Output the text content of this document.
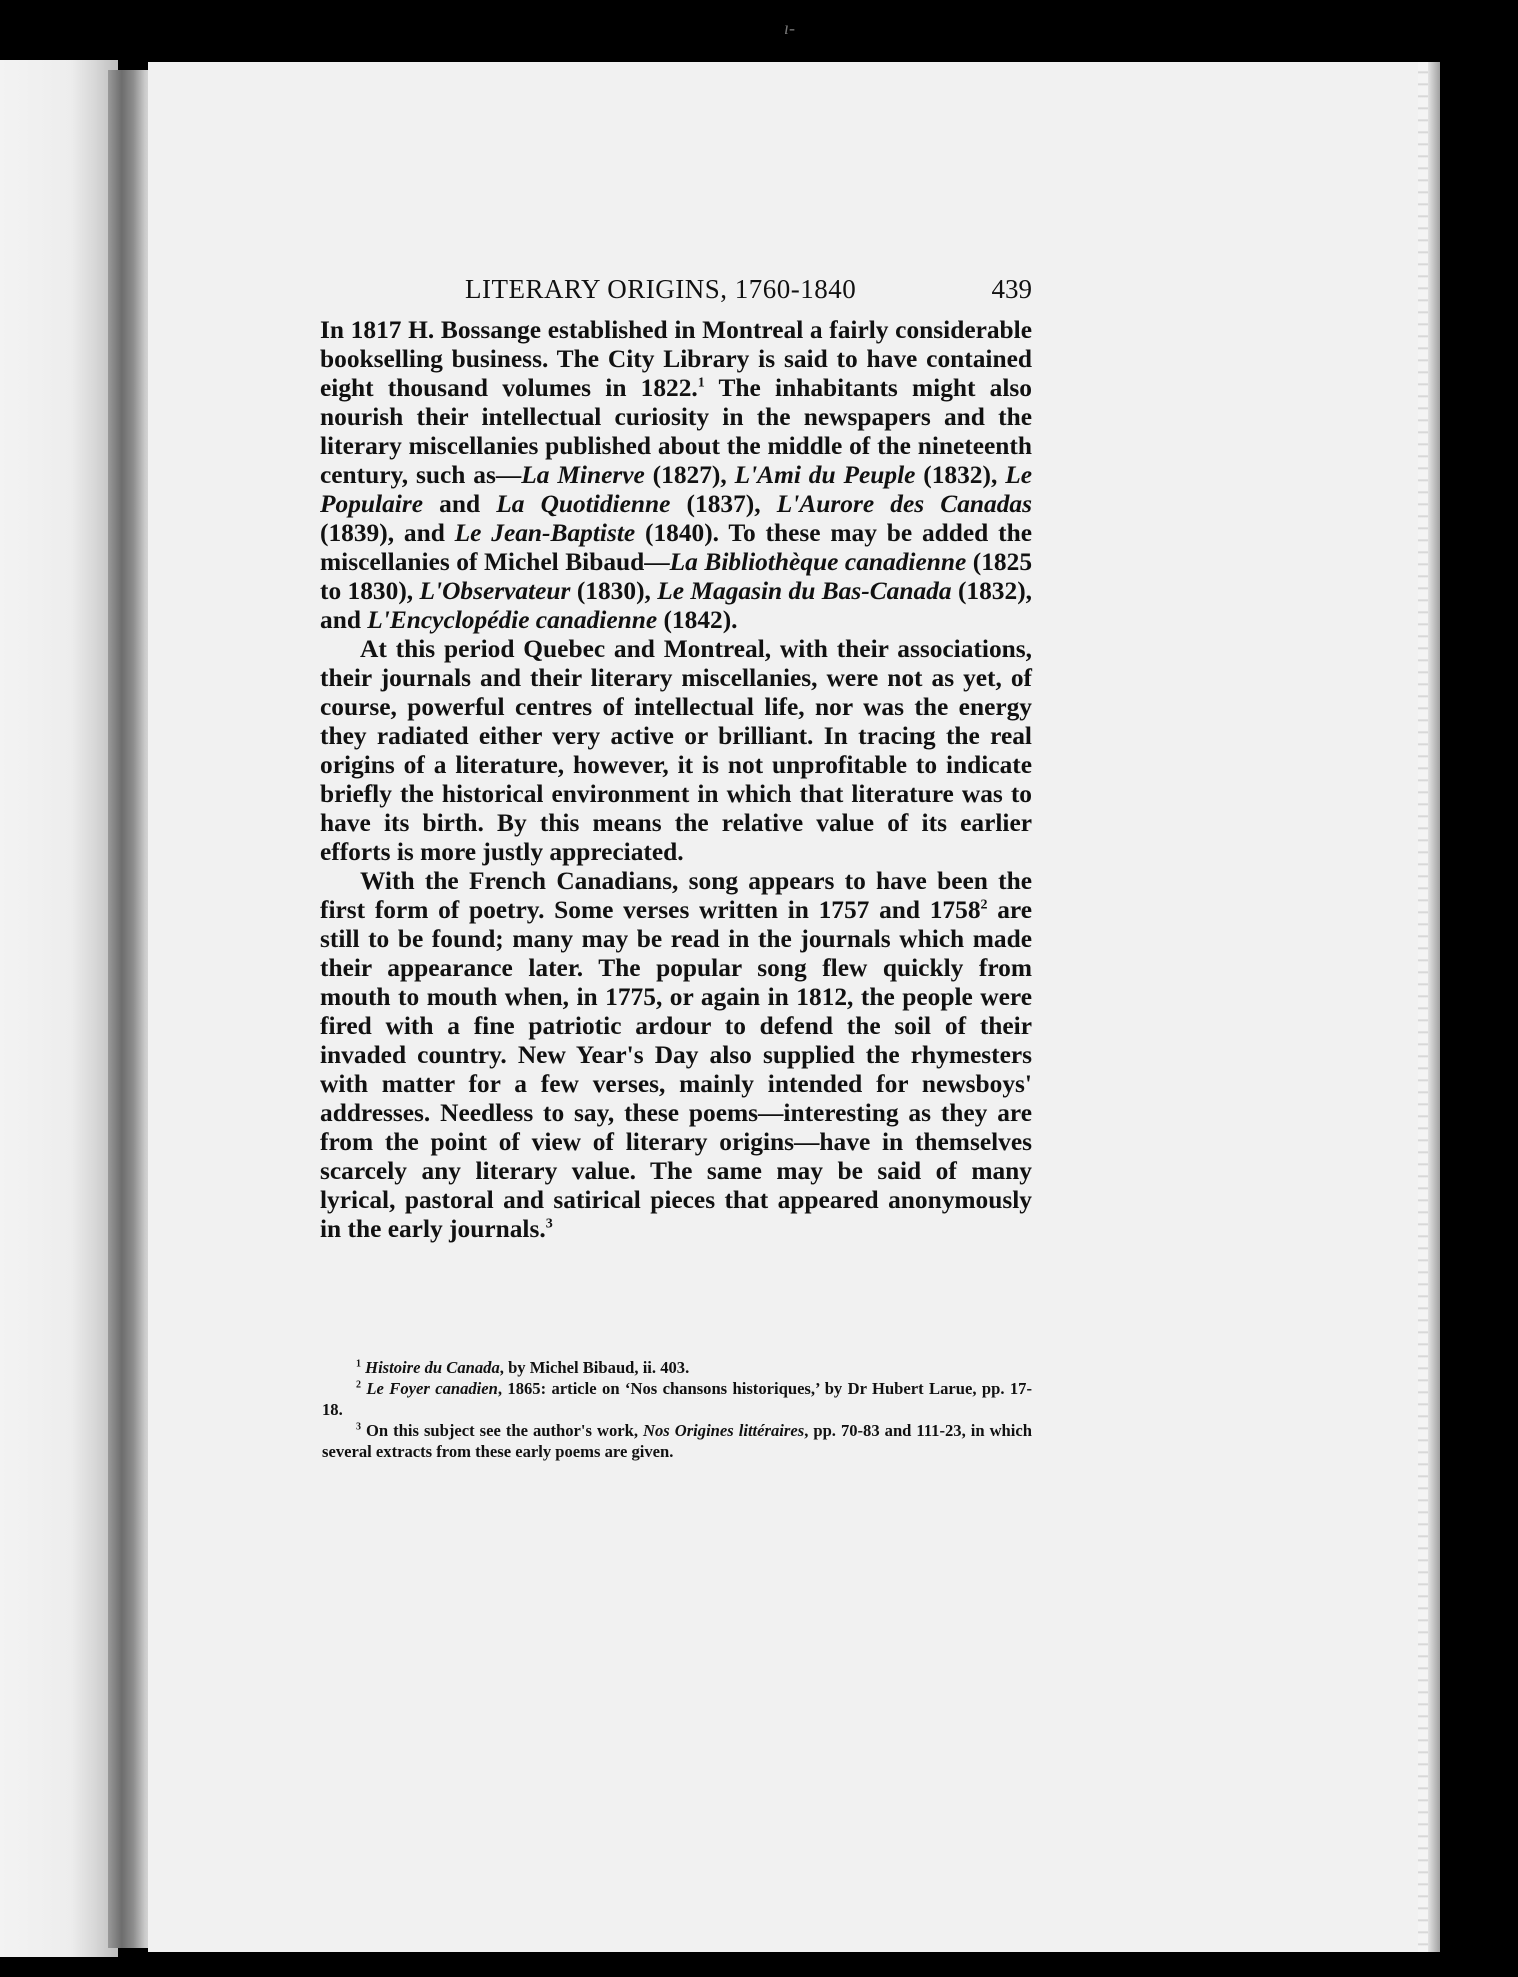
ı-
LITERARY ORIGINS, 1760-1840	439

In 1817 H. Bossange established in Montreal a fairly considerable bookselling business. The City Library is said to have contained eight thousand volumes in 1822.$^1$ The inhabitants might also nourish their intellectual curiosity in the newspapers and the literary miscellanies published about the middle of the nineteenth century, such as—La Minerve (1827), L'Ami du Peuple (1832), Le Populaire and La Quotidienne (1837), L'Aurore des Canadas (1839), and Le Jean-Baptiste (1840). To these may be added the miscellanies of Michel Bibaud—La Bibliothèque canadienne (1825 to 1830), L'Observateur (1830), Le Magasin du Bas-Canada (1832), and L'Encyclopédie canadienne (1842).

At this period Quebec and Montreal, with their associations, their journals and their literary miscellanies, were not as yet, of course, powerful centres of intellectual life, nor was the energy they radiated either very active or brilliant. In tracing the real origins of a literature, however, it is not unprofitable to indicate briefly the historical environment in which that literature was to have its birth. By this means the relative value of its earlier efforts is more justly appreciated.

With the French Canadians, song appears to have been the first form of poetry. Some verses written in 1757 and 1758$^2$ are still to be found; many may be read in the journals which made their appearance later. The popular song flew quickly from mouth to mouth when, in 1775, or again in 1812, the people were fired with a fine patriotic ardour to defend the soil of their invaded country. New Year's Day also supplied the rhymesters with matter for a few verses, mainly intended for newsboys' addresses. Needless to say, these poems—interesting as they are from the point of view of literary origins—have in themselves scarcely any literary value. The same may be said of many lyrical, pastoral and satirical pieces that appeared anonymously in the early journals.$^3$

$^1$ Histoire du Canada, by Michel Bibaud, ii. 403.

$^2$ Le Foyer canadien, 1865: article on ‘Nos chansons historiques,’ by Dr Hubert Larue, pp. 17-18.

$^3$ On this subject see the author's work, Nos Origines littéraires, pp. 70-83 and 111-23, in which several extracts from these early poems are given.
